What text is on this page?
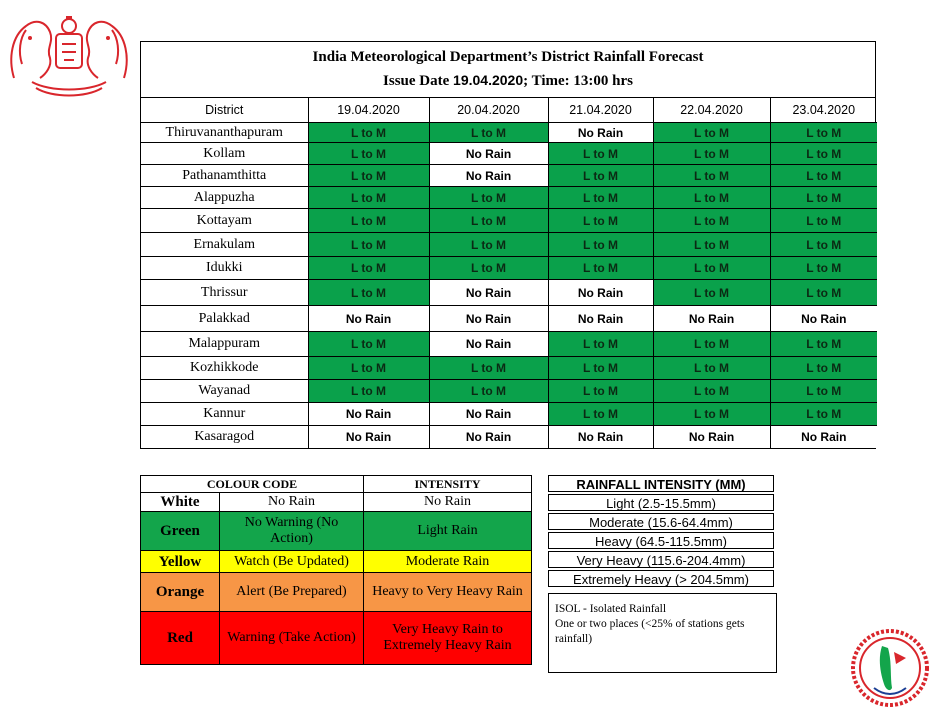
India Meteorological Department’s District Rainfall Forecast
Issue Date 19.04.2020; Time: 13:00 hrs
District	19.04.2020	20.04.2020	21.04.2020	22.04.2020	23.04.2020
Thiruvananthapuram	L to M	L to M	No Rain	L to M	L to M
Kollam	L to M	No Rain	L to M	L to M	L to M
Pathanamthitta	L to M	No Rain	L to M	L to M	L to M
Alappuzha	L to M	L to M	L to M	L to M	L to M
Kottayam	L to M	L to M	L to M	L to M	L to M
Ernakulam	L to M	L to M	L to M	L to M	L to M
Idukki	L to M	L to M	L to M	L to M	L to M
Thrissur	L to M	No Rain	No Rain	L to M	L to M
Palakkad	No Rain	No Rain	No Rain	No Rain	No Rain
Malappuram	L to M	No Rain	L to M	L to M	L to M
Kozhikkode	L to M	L to M	L to M	L to M	L to M
Wayanad	L to M	L to M	L to M	L to M	L to M
Kannur	No Rain	No Rain	L to M	L to M	L to M
Kasaragod	No Rain	No Rain	No Rain	No Rain	No Rain
COLOUR CODE		INTENSITY
White	No Rain	No Rain
Green	No Warning (No Action)	Light Rain
Yellow	Watch (Be Updated)	Moderate Rain
Orange	Alert (Be Prepared)	Heavy to Very Heavy Rain
Red	Warning (Take Action)	Very Heavy Rain to Extremely Heavy Rain
RAINFALL INTENSITY (MM)
Light (2.5-15.5mm)
Moderate (15.6-64.4mm)
Heavy (64.5-115.5mm)
Very Heavy (115.6-204.4mm)
Extremely Heavy (> 204.5mm)
ISOL - Isolated Rainfall
One or two places (<25% of stations gets rainfall)
